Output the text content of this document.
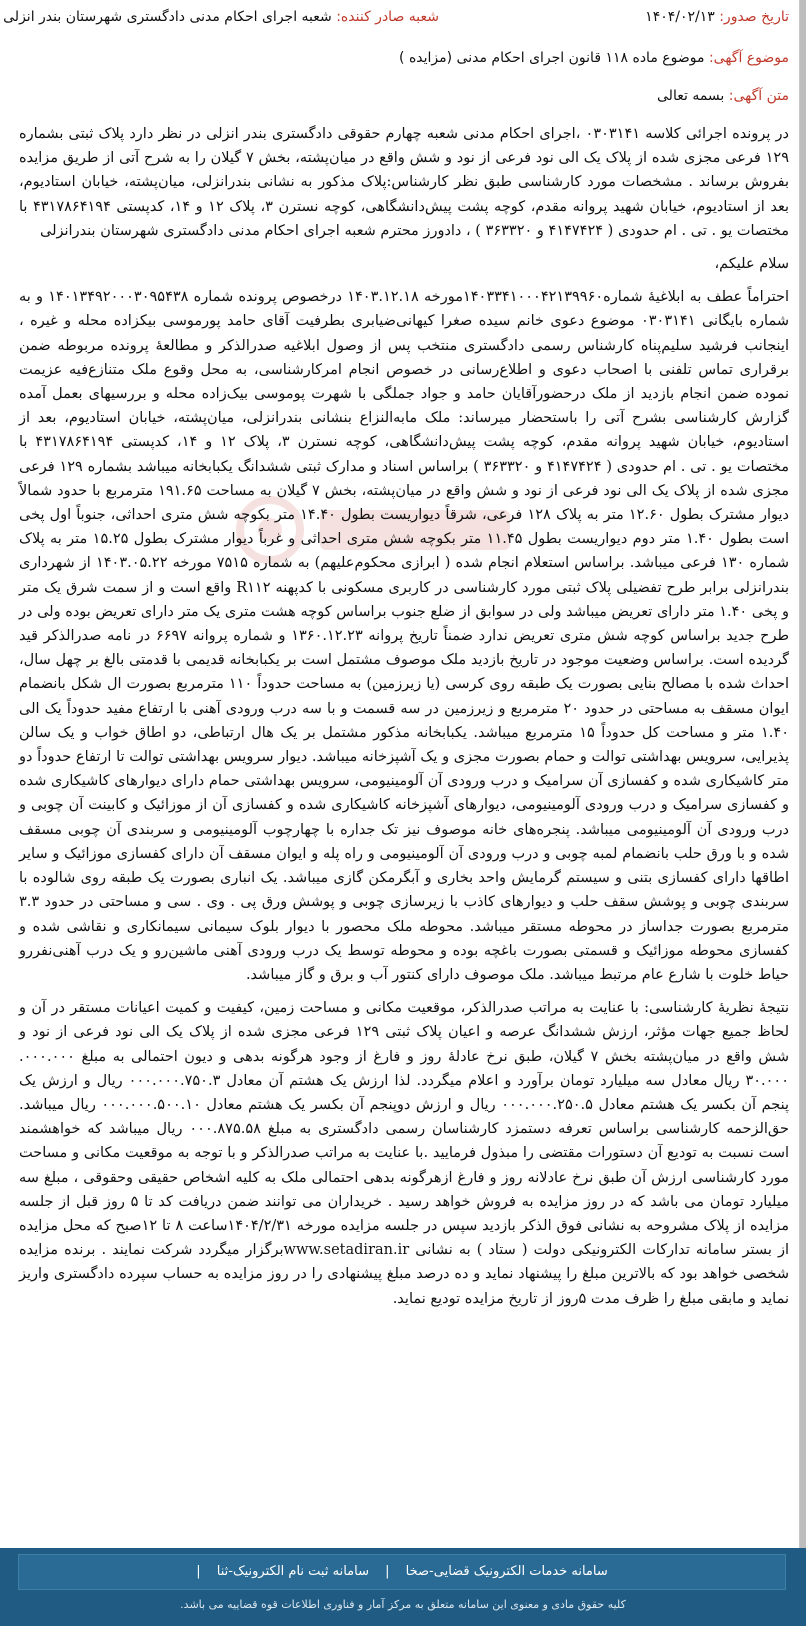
تاریخ صدور: ۱۴۰۴/۰۲/۱۳
شعبه صادر کننده: شعبه اجرای احکام مدنی دادگستری شهرستان بندر انزلی
موضوع آگهی: موضوع ماده ۱۱۸ قانون اجرای احکام مدنی (مزایده )
متن آگهی: بسمه تعالی

در پرونده اجرائی کلاسه ۰۳۰۳۱۴۱ ،اجرای احکام مدنی شعبه چهارم حقوقی دادگستری بندر انزلی در نظر دارد پلاک ثبتی بشماره ۱۲۹ فرعی مجزی شده از پلاک یک الی نود فرعی از نود و شش واقع در میان‌پشته، بخش ۷ گیلان را به شرح آتی از طریق مزایده بفروش برساند . مشخصات مورد کارشناسی طبق نظر کارشناس:پلاک مذکور به نشانی بندرانزلی، میان‌پشته، خیابان استادیوم، بعد از استادیوم، خیابان شهید پروانه مقدم، کوچه پشت پیش‌دانشگاهی، کوچه نسترن ۳، پلاک ۱۲ و ۱۴، کدپستی ۴۳۱۷۸۶۴۱۹۴ با مختصات یو . تی . ام حدودی ( ۴۱۴۷۴۲۴ و ۳۶۳۳۲۰ ) ، دادورز محترم شعبه اجرای احکام مدنی دادگستری شهرستان بندرانزلی

سلام علیکم،

احتراماً عطف به ابلاغیهٔ شماره۱۴۰۳۳۴۱۰۰۰۴۲۱۳۹۹۶۰مورخه ۱۴۰۳.۱۲.۱۸ درخصوص پرونده شماره ۱۴۰۱۳۴۹۲۰۰۰۳۰۹۵۴۳۸ و به شماره بایگانی ۰۳۰۳۱۴۱ موضوع دعوی خانم سیده صغرا کیهانی‌ضیابری بطرفیت آقای حامد پورموسی بیکزاده محله و غیره ، اینجانب فرشید سلیم‌پناه کارشناس رسمی دادگستری منتخب پس از وصول ابلاغیه صدرالذکر و مطالعهٔ پرونده مربوطه ضمن برقراری تماس تلفنی با اصحاب دعوی و اطلاع‌رسانی در خصوص انجام امرکارشناسی، به محل وقوع ملک متنازع‌فیه عزیمت نموده ضمن انجام بازدید از ملک درحضورآقایان حامد و جواد جملگی با شهرت پوموسی بیک‌زاده محله و بررسیهای بعمل آمده گزارش کارشناسی بشرح آتی را باستحضار میرساند: ملک مابه‌النزاع بنشانی بندرانزلی، میان‌پشته، خیابان استادیوم، بعد از استادیوم، خیابان شهید پروانه مقدم، کوچه پشت پیش‌دانشگاهی، کوچه نسترن ۳، پلاک ۱۲ و ۱۴، کدپستی ۴۳۱۷۸۶۴۱۹۴ با مختصات یو . تی . ام حدودی ( ۴۱۴۷۴۲۴ و ۳۶۳۳۲۰ ) براساس اسناد و مدارک ثبتی ششدانگ یکبابخانه میباشد بشماره ۱۲۹ فرعی مجزی شده از پلاک یک الی نود فرعی از نود و شش واقع در میان‌پشته، بخش ۷ گیلان به مساحت ۱۹۱.۶۵ مترمربع با حدود شمالاً دیوار مشترک بطول ۱۲.۶۰ متر به پلاک ۱۲۸ فرعی، شرقاً دیواریست بطول ۱۴.۴۰ متر بکوچه شش متری احداثی، جنوباً اول پخی است بطول ۱.۴۰ متر دوم دیواریست بطول ۱۱.۴۵ متر بکوچه شش متری احداثی و غرباً دیوار مشترک بطول ۱۵.۲۵ متر به پلاک شماره ۱۳۰ فرعی میباشد. براساس استعلام انجام شده ( ابرازی محکوم‌علیهم) به شماره ۷۵۱۵ مورخه ۱۴۰۳.۰۵.۲۲ از شهرداری بندرانزلی برابر طرح تفضیلی پلاک ثبتی مورد کارشناسی در کاربری مسکونی با کدپهنه R۱۱۲ واقع است و از سمت شرق یک متر و پخی ۱.۴۰ متر دارای تعریض میباشد ولی در سوابق از ضلع جنوب براساس کوچه هشت متری یک متر دارای تعریض بوده ولی در طرح جدید براساس کوچه شش متری تعریض ندارد ضمناً تاریخ پروانه ۱۳۶۰.۱۲.۲۳ و شماره پروانه ۶۶۹۷ در نامه صدرالذکر قید گردیده است. براساس وضعیت موجود در تاریخ بازدید ملک موصوف مشتمل است بر یکبابخانه قدیمی با قدمتی بالغ بر چهل سال، احداث شده با مصالح بنایی بصورت یک طبقه روی کرسی (یا زیرزمین) به مساحت حدوداً ۱۱۰ مترمربع بصورت ال شکل بانضمام ایوان مسقف به مساحتی در حدود ۲۰ مترمربع و زیرزمین در سه قسمت و با سه درب ورودی آهنی با ارتفاع مفید حدوداً یک الی ۱.۴۰ متر و مساحت کل حدوداً ۱۵ مترمربع میباشد. یکبابخانه مذکور مشتمل بر یک هال ارتباطی، دو اطاق خواب و یک سالن پذیرایی، سرویس بهداشتی توالت و حمام بصورت مجزی و یک آشپزخانه میباشد. دیوار سرویس بهداشتی توالت تا ارتفاع حدوداً دو متر کاشیکاری شده و کفسازی آن سرامیک و درب ورودی آن آلومینیومی، سرویس بهداشتی حمام دارای دیوارهای کاشیکاری شده و کفسازی سرامیک و درب ورودی آلومینیومی، دیوارهای آشپزخانه کاشیکاری شده و کفسازی آن از موزائیک و کابینت آن چوبی و درب ورودی آن آلومینیومی میباشد. پنجره‌های خانه موصوف نیز تک جداره با چهارچوب آلومینیومی و سربندی آن چوبی مسقف شده و با ورق حلب بانضمام لمبه چوبی و درب ورودی آن آلومینیومی و راه پله و ایوان مسقف آن دارای کفسازی موزائیک و سایر اطاقها دارای کفسازی بتنی و سیستم گرمایش واحد بخاری و آبگرمکن گازی میباشد. یک انباری بصورت یک طبقه روی شالوده با سربندی چوبی و پوشش سقف حلب و دیوارهای کاذب با زیرسازی چوبی و پوشش ورق پی . وی . سی و مساحتی در حدود ۳.۳ مترمربع بصورت جداساز در محوطه مستقر میباشد. محوطه ملک محصور با دیوار بلوک سیمانی سیمانکاری و نقاشی شده و کفسازی محوطه موزائیک و قسمتی بصورت باغچه بوده و محوطه توسط یک درب ورودی آهنی ماشین‌رو و یک درب آهنی‌نفررو حیاط خلوت با شارع عام مرتبط میباشد. ملک موصوف دارای کنتور آب و برق و گاز میباشد.

نتیجهٔ نظریهٔ کارشناسی: با عنایت به مراتب صدرالذکر، موقعیت مکانی و مساحت زمین، کیفیت و کمیت اعیانات مستقر در آن و لحاظ جمیع جهات مؤثر، ارزش ششدانگ عرصه و اعیان پلاک ثبتی ۱۲۹ فرعی مجزی شده از پلاک یک الی نود فرعی از نود و شش واقع در میان‌پشته بخش ۷ گیلان، طبق نرخ عادلهٔ روز و فارغ از وجود هرگونه بدهی و دیون احتمالی به مبلغ ۰۰۰.۰۰۰. ۳۰.۰۰۰ ریال معادل سه میلیارد تومان برآورد و اعلام میگردد. لذا ارزش یک هشتم آن معادل ۰۰۰.۰۰۰.۷۵۰.۳ ریال و ارزش یک پنجم آن بکسر یک هشتم معادل ۰۰۰.۰۰۰.۲۵۰.۵ ریال و ارزش دوپنجم آن بکسر یک هشتم معادل ۰۰۰.۰۰۰.۵۰۰.۱۰ ریال میباشد. حق‌الزحمه کارشناسی براساس تعرفه دستمزد کارشناسان رسمی دادگستری به مبلغ ۰۰۰.۸۷۵.۵۸ ریال میباشد که خواهشمند است نسبت به تودیع آن دستورات مقتضی را مبذول فرمایید .با عنایت به مراتب صدرالذکر و با توجه به موقعیت مکانی و مساحت مورد کارشناسی ارزش آن طبق نرخ عادلانه روز و فارغ ازهرگونه بدهی احتمالی ملک به کلیه اشخاص حقیقی وحقوقی ، مبلغ سه میلیارد تومان می باشد که در روز مزایده به فروش خواهد رسید . خریداران می توانند ضمن دریافت کد تا ۵ روز قبل از جلسه مزایده از پلاک مشروحه به نشانی فوق الذکر بازدید سپس در جلسه مزایده مورخه ۱۴۰۴/۲/۳۱ساعت ۸ تا ۱۲صبح که محل مزایده از بستر سامانه تدارکات الکترونیکی دولت ( ستاد ) به نشانی www.setadiran.irبرگزار میگردد شرکت نمایند . برنده مزایده شخصی خواهد بود که بالاترین مبلغ را پیشنهاد نماید و ده درصد مبلغ پیشنهادی را در روز مزایده به حساب سپرده دادگستری واریز نماید و مابقی مبلغ را ظرف مدت ۵روز از تاریخ مزایده تودیع نماید.

سامانه خدمات الکترونیک قضایی-صخا | سامانه ثبت نام الکترونیک-ثنا |
کلیه حقوق مادی و معنوی این سامانه متعلق به مرکز آمار و فناوری اطلاعات قوه قضاییه می باشد.
